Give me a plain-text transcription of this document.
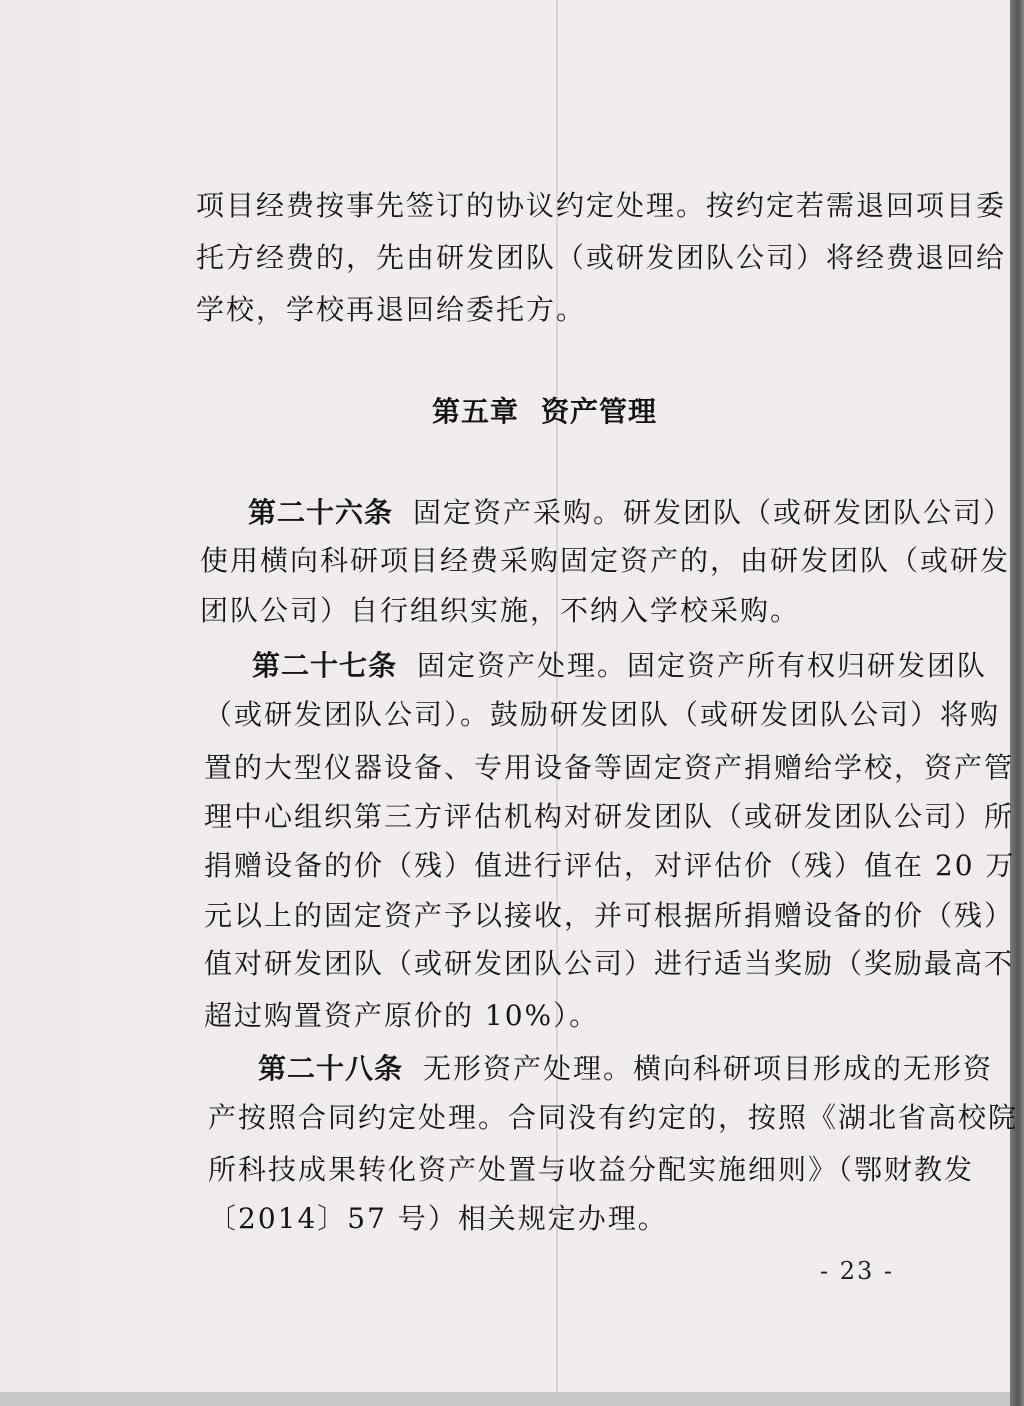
项目经费按事先签订的协议约定处理。按约定若需退回项目委
托方经费的，先由研发团队（或研发团队公司）将经费退回给
学校，学校再退回给委托方。
第五章 资产管理
第二十六条 固定资产采购。研发团队（或研发团队公司）
使用横向科研项目经费采购固定资产的，由研发团队（或研发
团队公司）自行组织实施，不纳入学校采购。
第二十七条 固定资产处理。固定资产所有权归研发团队
（或研发团队公司）。鼓励研发团队（或研发团队公司）将购
置的大型仪器设备、专用设备等固定资产捐赠给学校，资产管
理中心组织第三方评估机构对研发团队（或研发团队公司）所
捐赠设备的价（残）值进行评估，对评估价（残）值在 20 万
元以上的固定资产予以接收，并可根据所捐赠设备的价（残）
值对研发团队（或研发团队公司）进行适当奖励（奖励最高不
超过购置资产原价的 10%）。
第二十八条 无形资产处理。横向科研项目形成的无形资
产按照合同约定处理。合同没有约定的，按照《湖北省高校院
所科技成果转化资产处置与收益分配实施细则》（鄂财教发
〔2014〕57 号）相关规定办理。
- 23 -
